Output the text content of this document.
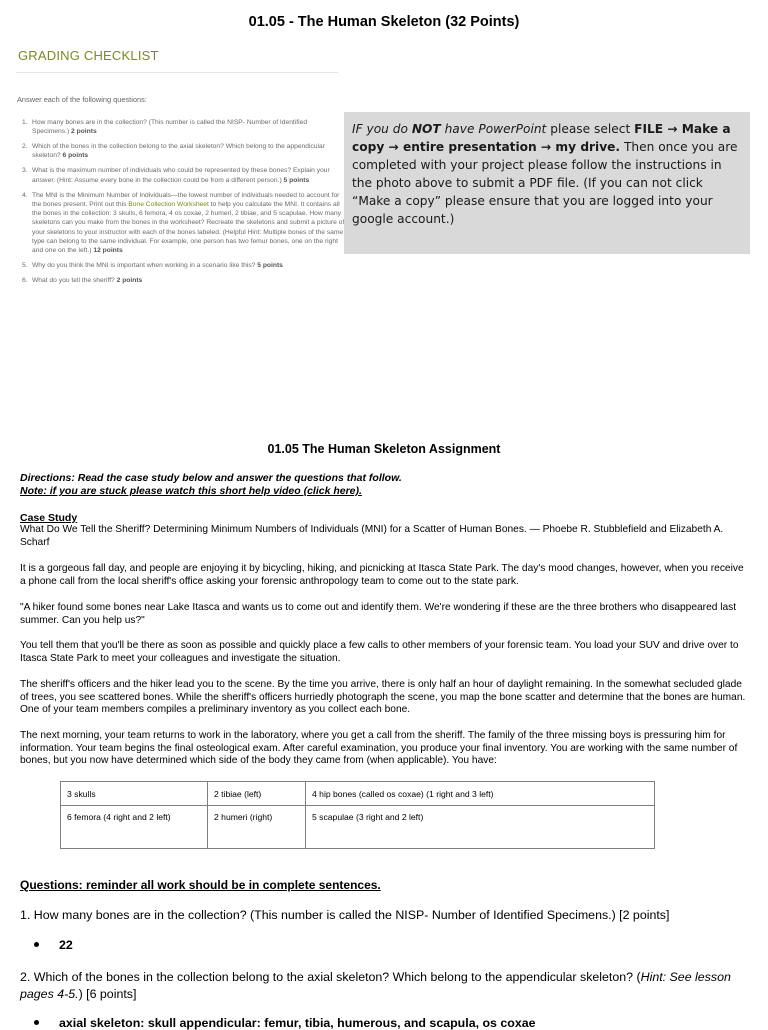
01.05 - The Human Skeleton (32 Points)
GRADING CHECKLIST
Answer each of the following questions:
1. How many bones are in the collection? (This number is called the NISP- Number of Identified Specimens.) 2 points
2. Which of the bones in the collection belong to the axial skeleton? Which belong to the appendicular skeleton? 6 points
3. What is the maximum number of individuals who could be represented by these bones? Explain your answer. (Hint: Assume every bone in the collection could be from a different person.) 5 points
4. The MNI is the Minimum Number of Individuals—the lowest number of individuals needed to account for the bones present. Print out this Bone Collection Worksheet to help you calculate the MNI. It contains all the bones in the collection: 3 skulls, 6 femora, 4 os coxae, 2 humeri, 2 tibiae, and 5 scapulae. How many skeletons can you make from the bones in the worksheet? Recreate the skeletons and submit a picture of your skeletons to your instructor with each of the bones labeled. (Helpful Hint: Multiple bones of the same type can belong to the same individual. For example, one person has two femur bones, one on the right and one on the left.) 12 points
5. Why do you think the MNI is important when working in a scenario like this? 5 points
6. What do you tell the sheriff? 2 points
IF you do NOT have PowerPoint please select FILE → Make a copy → entire presentation → my drive. Then once you are completed with your project please follow the instructions in the photo above to submit a PDF file. (If you can not click “Make a copy” please ensure that you are logged into your google account.)
01.05 The Human Skeleton Assignment
Directions: Read the case study below and answer the questions that follow.
Note: if you are stuck please watch this short help video (click here).
Case Study
What Do We Tell the Sheriff? Determining Minimum Numbers of Individuals (MNI) for a Scatter of Human Bones. — Phoebe R. Stubblefield and Elizabeth A. Scharf
It is a gorgeous fall day, and people are enjoying it by bicycling, hiking, and picnicking at Itasca State Park. The day's mood changes, however, when you receive a phone call from the local sheriff's office asking your forensic anthropology team to come out to the state park.
"A hiker found some bones near Lake Itasca and wants us to come out and identify them. We're wondering if these are the three brothers who disappeared last summer. Can you help us?"
You tell them that you'll be there as soon as possible and quickly place a few calls to other members of your forensic team. You load your SUV and drive over to Itasca State Park to meet your colleagues and investigate the situation.
The sheriff's officers and the hiker lead you to the scene. By the time you arrive, there is only half an hour of daylight remaining. In the somewhat secluded glade of trees, you see scattered bones. While the sheriff's officers hurriedly photograph the scene, you map the bone scatter and determine that the bones are human. One of your team members compiles a preliminary inventory as you collect each bone.
The next morning, your team returns to work in the laboratory, where you get a call from the sheriff. The family of the three missing boys is pressuring him for information. Your team begins the final osteological exam. After careful examination, you produce your final inventory. You are working with the same number of bones, but you now have determined which side of the body they came from (when applicable). You have:
3 skulls	2 tibiae (left)	4 hip bones (called os coxae) (1 right and 3 left)
6 femora (4 right and 2 left)	2 humeri (right)	5 scapulae (3 right and 2 left)
Questions: reminder all work should be in complete sentences.
1. How many bones are in the collection? (This number is called the NISP- Number of Identified Specimens.) [2 points]
22
2. Which of the bones in the collection belong to the axial skeleton? Which belong to the appendicular skeleton? (Hint: See lesson pages 4-5.) [6 points]
axial skeleton: skull appendicular: femur, tibia, humerous, and scapula, os coxae
